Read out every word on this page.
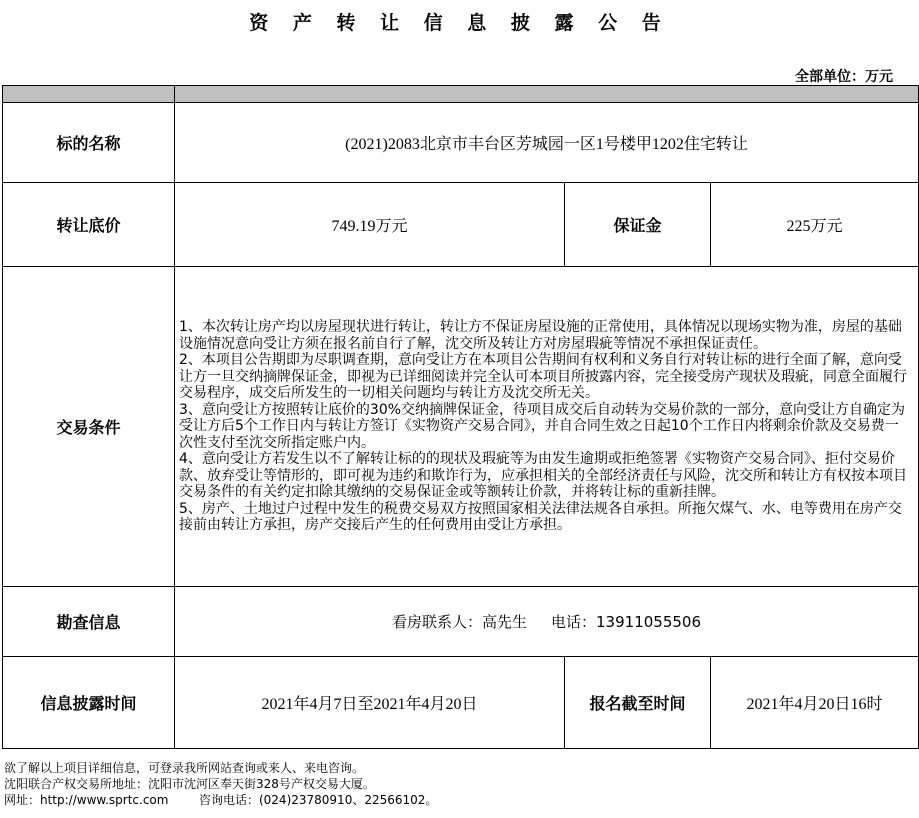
资 产 转 让 信 息 披 露 公 告
全部单位：万元

标的名称	(2021)2083北京市丰台区芳城园一区1号楼甲1202住宅转让		
转让底价	749.19万元	保证金	225万元
交易条件	1、本次转让房产均以房屋现状进行转让，转让方不保证房屋设施的正常使用，具体情况以现场实物为准，房屋的基础设施情况意向受让方须在报名前自行了解，沈交所及转让方对房屋瑕疵等情况不承担保证责任。

2、本项目公告期即为尽职调查期，意向受让方在本项目公告期间有权利和义务自行对转让标的进行全面了解，意向受让方一旦交纳摘牌保证金，即视为已详细阅读并完全认可本项目所披露内容，完全接受房产现状及瑕疵，同意全面履行交易程序，成交后所发生的一切相关问题均与转让方及沈交所无关。

3、意向受让方按照转让底价的30%交纳摘牌保证金，待项目成交后自动转为交易价款的一部分，意向受让方自确定为受让方后5个工作日内与转让方签订《实物资产交易合同》，并自合同生效之日起10个工作日内将剩余价款及交易费一次性支付至沈交所指定账户内。

4、意向受让方若发生以不了解转让标的的现状及瑕疵等为由发生逾期或拒绝签署《实物资产交易合同》、拒付交易价款、放弃受让等情形的，即可视为违约和欺诈行为，应承担相关的全部经济责任与风险，沈交所和转让方有权按本项目交易条件的有关约定扣除其缴纳的交易保证金或等额转让价款，并将转让标的重新挂牌。

5、房产、土地过户过程中发生的税费交易双方按照国家相关法律法规各自承担。所拖欠煤气、水、电等费用在房产交接前由转让方承担，房产交接后产生的任何费用由受让方承担。		

勘查信息	看房联系人：高先生 电话：13911055506		
信息披露时间	2021年4月7日至2021年4月20日	报名截至时间	2021年4月20日16时

欲了解以上项目详细信息，可登录我所网站查询或来人、来电咨询。

沈阳联合产权交易所地址：沈阳市沈河区奉天街328号产权交易大厦。

网址：http://www.sprtc.com        咨询电话：(024)23780910、22566102。
